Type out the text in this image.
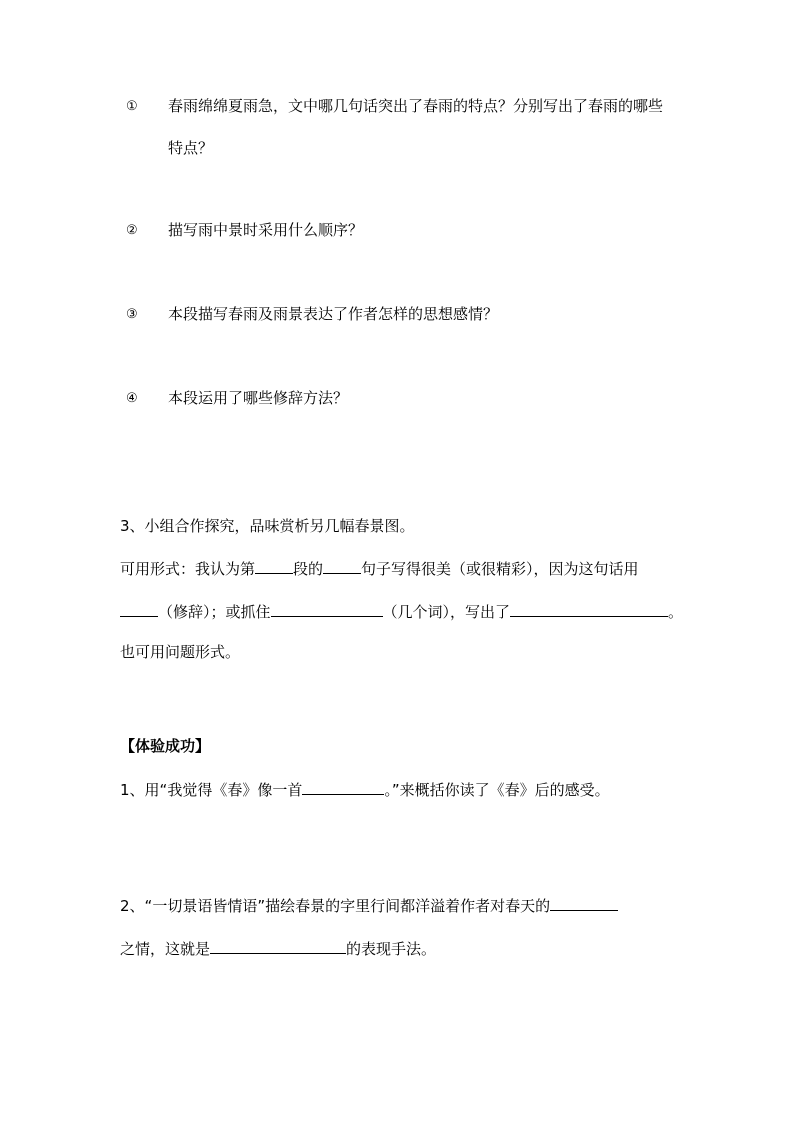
① 春雨绵绵夏雨急，文中哪几句话突出了春雨的特点？分别写出了春雨的哪些
特点？
② 描写雨中景时采用什么顺序？
③ 本段描写春雨及雨景表达了作者怎样的思想感情？
④ 本段运用了哪些修辞方法？
3、小组合作探究，品味赏析另几幅春景图。
可用形式：我认为第	段的	句子写得很美（或很精彩），因为这句话用
（修辞）；或抓住	（几个词），写出了	。
也可用问题形式。
【体验成功】
1、用“我觉得《春》像一首	。”来概括你读了《春》后的感受。
2、“一切景语皆情语”描绘春景的字里行间都洋溢着作者对春天的
之情，这就是	的表现手法。
